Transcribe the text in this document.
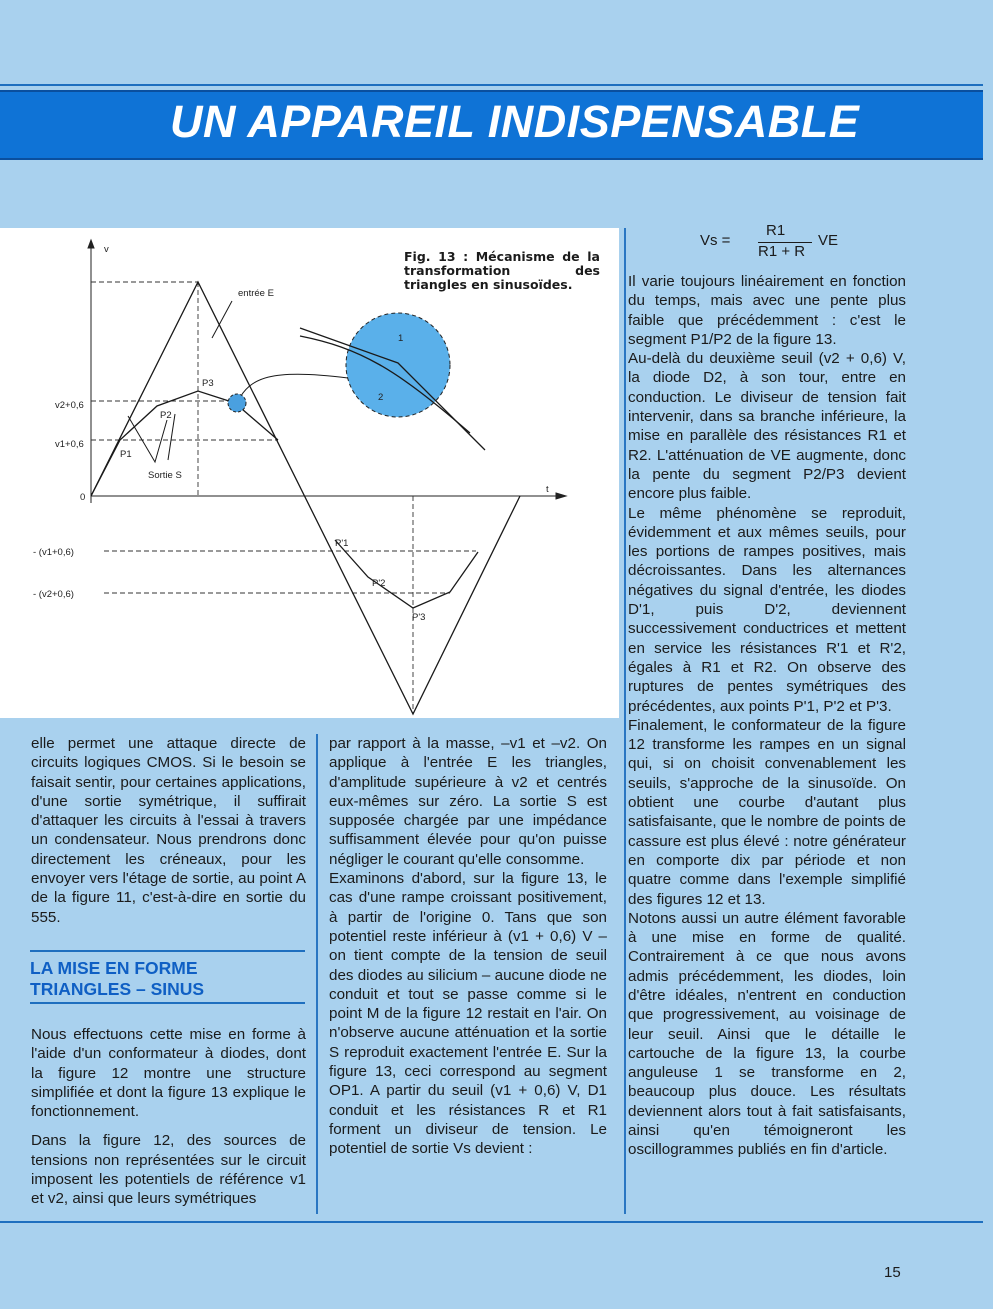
UN APPAREIL INDISPENSABLE
v
entrée E
v2+0,6
v1+0,6
0
- (v1+0,6)
- (v2+0,6)
P1
P2
P3
Sortie S
P'1
P'2
P'3
1
2
t
Fig. 13 : Mécanisme de la transformation des triangles en sinusoïdes.

elle permet une attaque directe de circuits logiques CMOS. Si le besoin se faisait sentir, pour certaines applications, d'une sortie symétrique, il suffirait d'attaquer les circuits à l'essai à travers un condensateur. Nous prendrons donc directement les créneaux, pour les envoyer vers l'étage de sortie, au point A de la figure 11, c'est-à-dire en sortie du 555.

LA MISE EN FORME
TRIANGLES – SINUS

Nous effectuons cette mise en forme à l'aide d'un conformateur à diodes, dont la figure 12 montre une structure simplifiée et dont la figure 13 explique le fonctionnement.

Dans la figure 12, des sources de tensions non représentées sur le circuit imposent les potentiels de référence v1 et v2, ainsi que leurs symétriques

par rapport à la masse, –v1 et –v2. On applique à l'entrée E les triangles, d'amplitude supérieure à v2 et centrés eux-mêmes sur zéro. La sortie S est supposée chargée par une impédance suffisamment élevée pour qu'on puisse négliger le courant qu'elle consomme.

Examinons d'abord, sur la figure 13, le cas d'une rampe croissant positivement, à partir de l'origine 0. Tans que son potentiel reste inférieur à (v1 + 0,6) V – on tient compte de la tension de seuil des diodes au silicium – aucune diode ne conduit et tout se passe comme si le point M de la figure 12 restait en l'air. On n'observe aucune atténuation et la sortie S reproduit exactement l'entrée E. Sur la figure 13, ceci correspond au segment OP1. A partir du seuil (v1 + 0,6) V, D1 conduit et les résistances R et R1 forment un diviseur de tension. Le potentiel de sortie Vs devient :

Vs =
R1
R1 + R
VE

Il varie toujours linéairement en fonction du temps, mais avec une pente plus faible que précédemment : c'est le segment P1/P2 de la figure 13.

Au-delà du deuxième seuil (v2 + 0,6) V, la diode D2, à son tour, entre en conduction. Le diviseur de tension fait intervenir, dans sa branche inférieure, la mise en parallèle des résistances R1 et R2. L'atténuation de VE augmente, donc la pente du segment P2/P3 devient encore plus faible.

Le même phénomène se reproduit, évidemment et aux mêmes seuils, pour les portions de rampes positives, mais décroissantes. Dans les alternances négatives du signal d'entrée, les diodes D'1, puis D'2, deviennent successivement conductrices et mettent en service les résistances R'1 et R'2, égales à R1 et R2. On observe des ruptures de pentes symétriques des précédentes, aux points P'1, P'2 et P'3.

Finalement, le conformateur de la figure 12 transforme les rampes en un signal qui, si on choisit convenablement les seuils, s'approche de la sinusoïde. On obtient une courbe d'autant plus satisfaisante, que le nombre de points de cassure est plus élevé : notre générateur en comporte dix par période et non quatre comme dans l'exemple simplifié des figures 12 et 13.

Notons aussi un autre élément favorable à une mise en forme de qualité. Contrairement à ce que nous avons admis précédemment, les diodes, loin d'être idéales, n'entrent en conduction que progressivement, au voisinage de leur seuil. Ainsi que le détaille le cartouche de la figure 13, la courbe anguleuse 1 se transforme en 2, beaucoup plus douce. Les résultats deviennent alors tout à fait satisfaisants, ainsi qu'en témoigneront les oscillogrammes publiés en fin d'article.

15
